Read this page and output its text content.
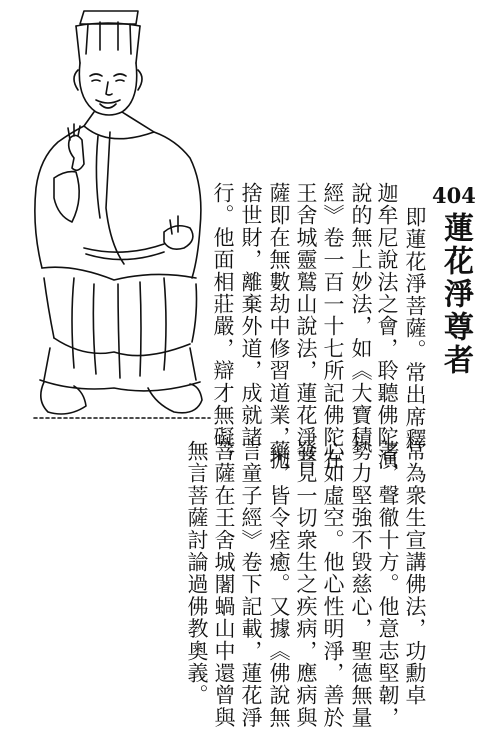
404
蓮花淨尊者
即蓮花淨菩薩。常出席釋
迦牟尼說法之會，聆聽佛陀演
說的無上妙法，如《大寶積
經》卷一百一十七所記佛陀在
王舍城靈鷲山說法，蓮花淨菩
薩即在無數劫中修習道業，拋
捨世財，離棄外道，成就諸
行。他面相莊嚴，辯才無礙，
常為衆生宣講佛法，功勳卓
著，聲徹十方。他意志堅韌，
勢力堅強不毀慈心，聖德無量
心如虛空。他心性明淨，善於
發見一切衆生之疾病，應病與
藥，皆令痊癒。又據《佛說無
言童子經》卷下記載，蓮花淨
菩薩在王舍城闍蝸山中還曾與
無言菩薩討論過佛教奧義。
